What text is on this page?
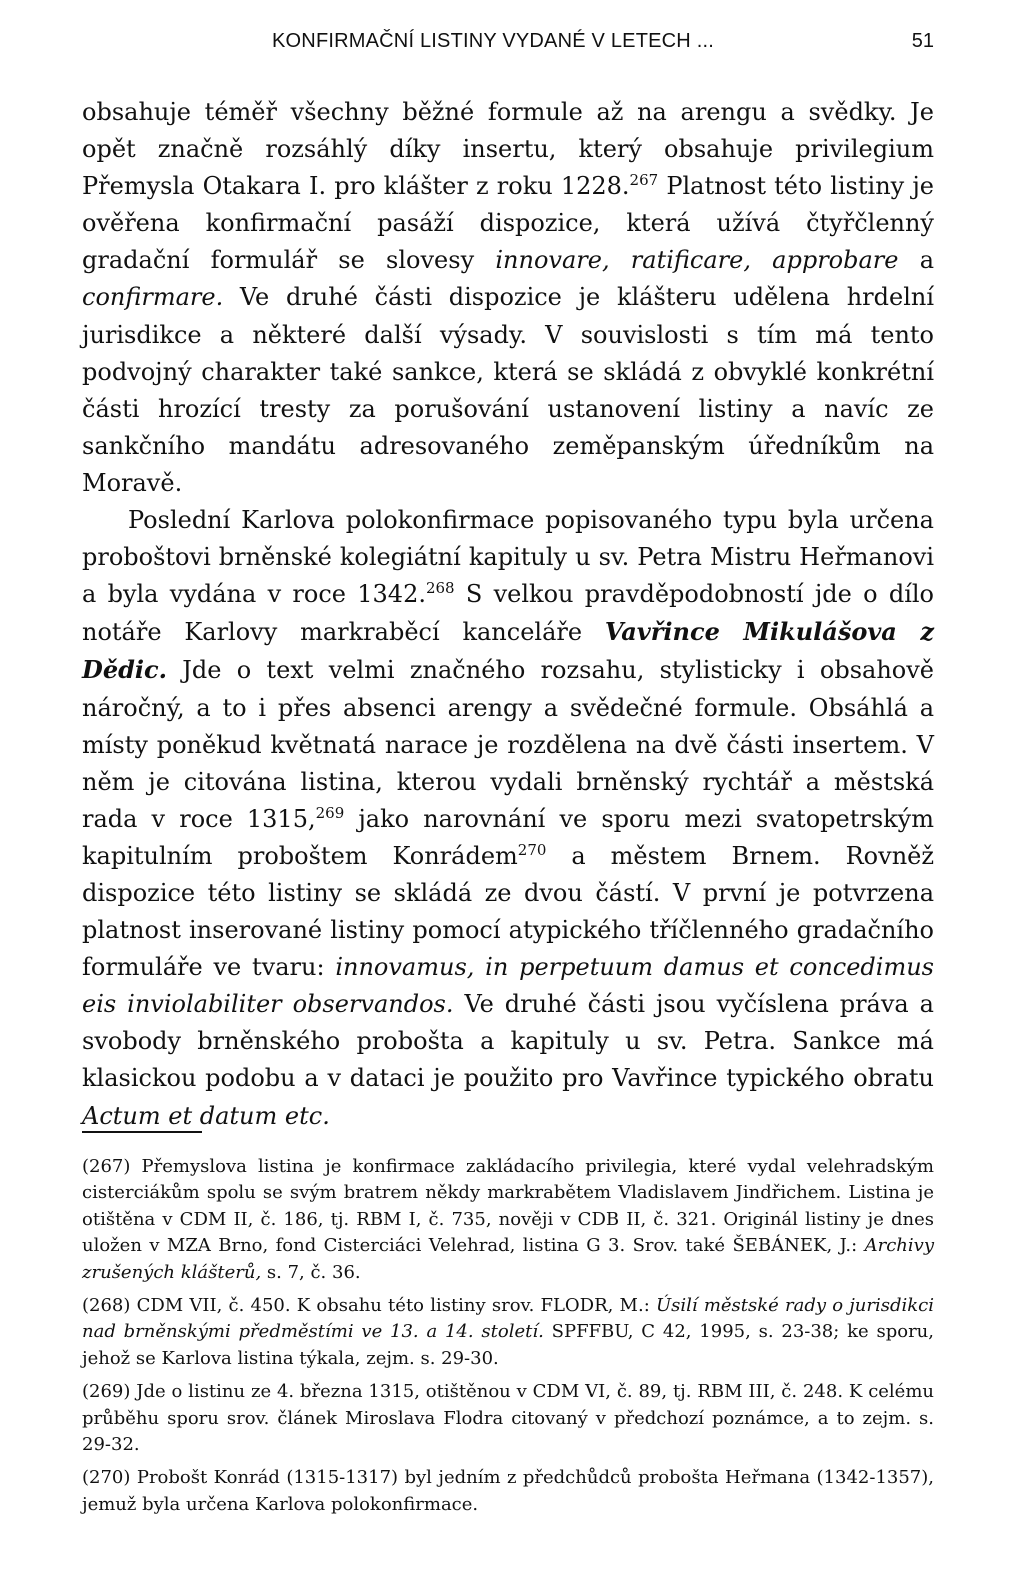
KONFIRMAČNÍ LISTINY VYDANÉ V LETECH ...	51

obsahuje téměř všechny běžné formule až na arengu a svědky. Je opět značně rozsáhlý díky insertu, který obsahuje privilegium Přemysla Otakara I. pro klášter z roku 1228.$^{267}$ Platnost této listiny je ověřena konfirmační pasáží dispozice, která užívá čtyřčlenný gradační formulář se slovesy innovare, ratificare, approbare a confirmare. Ve druhé části dispozice je klášteru udělena hrdelní jurisdikce a některé další výsady. V souvislosti s tím má tento podvojný charakter také sankce, která se skládá z obvyklé konkrétní části hrozící tresty za porušování ustanovení listiny a navíc ze sankčního mandátu adresovaného zeměpanským úředníkům na Moravě.

Poslední Karlova polokonfirmace popisovaného typu byla určena proboštovi brněnské kolegiátní kapituly u sv. Petra Mistru Heřmanovi a byla vydána v roce 1342.$^{268}$ S velkou pravděpodobností jde o dílo notáře Karlovy markraběcí kanceláře Vavřince Mikulášova z Dědic. Jde o text velmi značného rozsahu, stylisticky i obsahově náročný, a to i přes absenci arengy a svědečné formule. Obsáhlá a místy poněkud květnatá narace je rozdělena na dvě části insertem. V něm je citována listina, kterou vydali brněnský rychtář a městská rada v roce 1315,$^{269}$ jako narovnání ve sporu mezi svatopetrským kapitulním proboštem Konrádem$^{270}$ a městem Brnem. Rovněž dispozice této listiny se skládá ze dvou částí. V první je potvrzena platnost inserované listiny pomocí atypického tříčlenného gradačního formuláře ve tvaru: innovamus, in perpetuum damus et concedimus eis inviolabiliter observandos. Ve druhé části jsou vyčíslena práva a svobody brněnského probošta a kapituly u sv. Petra. Sankce má klasickou podobu a v dataci je použito pro Vavřince typického obratu Actum et datum etc.

(267) Přemyslova listina je konfirmace zakládacího privilegia, které vydal velehradským cisterciákům spolu se svým bratrem někdy markrabětem Vladislavem Jindřichem. Listina je otištěna v CDM II, č. 186, tj. RBM I, č. 735, nověji v CDB II, č. 321. Originál listiny je dnes uložen v MZA Brno, fond Cisterciáci Velehrad, listina G 3. Srov. také ŠEBÁNEK, J.: Archivy zrušených klášterů, s. 7, č. 36.

(268) CDM VII, č. 450. K obsahu této listiny srov. FLODR, M.: Úsilí městské rady o jurisdikci nad brněnskými předměstími ve 13. a 14. století. SPFFBU, C 42, 1995, s. 23-38; ke sporu, jehož se Karlova listina týkala, zejm. s. 29-30.

(269) Jde o listinu ze 4. března 1315, otištěnou v CDM VI, č. 89, tj. RBM III, č. 248. K celému průběhu sporu srov. článek Miroslava Flodra citovaný v předchozí poznámce, a to zejm. s. 29-32.

(270) Probošt Konrád (1315-1317) byl jedním z předchůdců probošta Heřmana (1342-1357), jemuž byla určena Karlova polokonfirmace.
